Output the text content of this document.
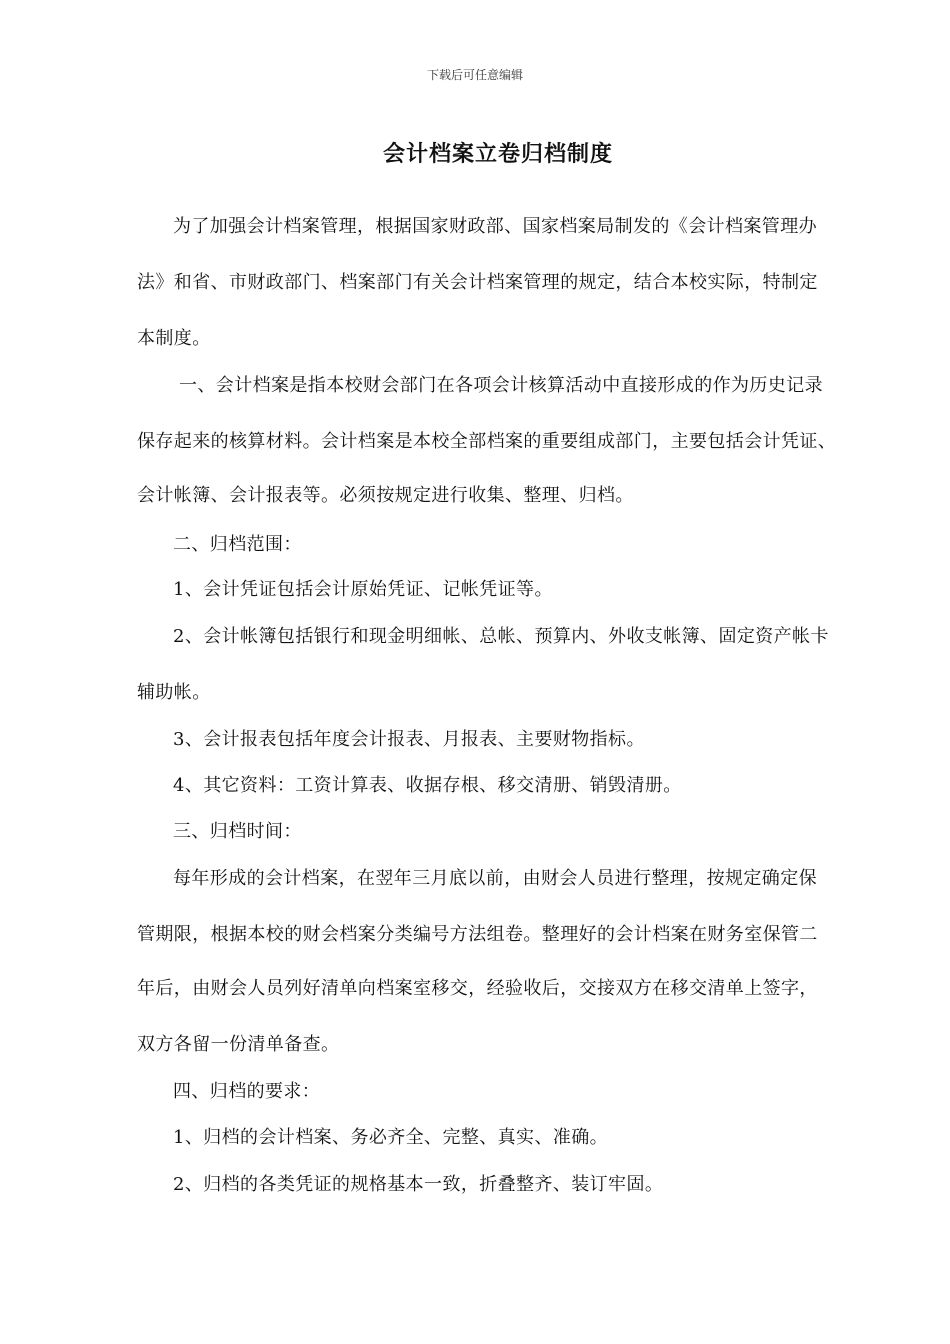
下载后可任意编辑
会计档案立卷归档制度
为了加强会计档案管理，根据国家财政部、国家档案局制发的《会计档案管理办
法》和省、市财政部门、档案部门有关会计档案管理的规定，结合本校实际，特制定
本制度。
一、会计档案是指本校财会部门在各项会计核算活动中直接形成的作为历史记录
保存起来的核算材料。会计档案是本校全部档案的重要组成部门，主要包括会计凭证、
会计帐簿、会计报表等。必须按规定进行收集、整理、归档。
二、归档范围：
1、会计凭证包括会计原始凭证、记帐凭证等。
2、会计帐簿包括银行和现金明细帐、总帐、预算内、外收支帐簿、固定资产帐卡
辅助帐。
3、会计报表包括年度会计报表、月报表、主要财物指标。
4、其它资料：工资计算表、收据存根、移交清册、销毁清册。
三、归档时间：
每年形成的会计档案，在翌年三月底以前，由财会人员进行整理，按规定确定保
管期限，根据本校的财会档案分类编号方法组卷。整理好的会计档案在财务室保管二
年后，由财会人员列好清单向档案室移交，经验收后，交接双方在移交清单上签字，
双方各留一份清单备查。
四、归档的要求：
1、归档的会计档案、务必齐全、完整、真实、准确。
2、归档的各类凭证的规格基本一致，折叠整齐、装订牢固。
